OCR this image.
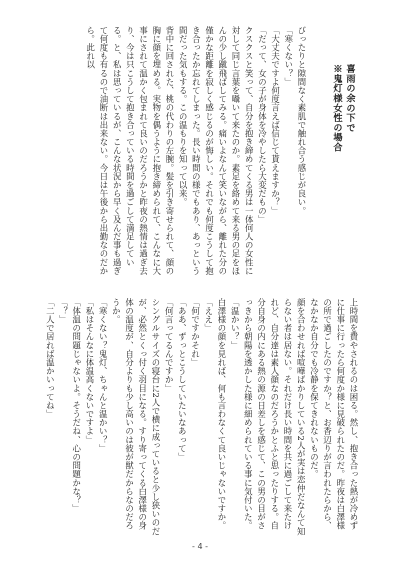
喜雨の余の下で

※鬼灯様女性の場合

びったりと隙間なく素肌で触れ合う感じが良い。
「寒くない？」
「大丈夫ですよ何度言えば信じて貰えますか？」
「だって、女の子が身体を冷やしたら大変だもの」
クスクスと笑って、自分を抱き締めてくる男は一体何人の女性に対して同じ言葉を囁いて来たのか。素足を絡めて来る男の足をほんの少し蹴飛ばしてみる。痛いよなんて笑いながら、離れた分の僅かな距離を寂しく感じるのが悔しい。それでも何度こうして抱き合ったか忘れてしまった。長い時間の様でもあり、あっという間だった気もする。この温もりを知って以来。
背中に回された、桃の代わりの左腕。髪を引き寄せられて、顔の胸に顔を埋める。実物を偶うように抱き締められて、こんなに大事にされて温かく包まれて良いのだろうかと昨夜の熱情は過ぎ去り、今は只こうして抱き合っている時間を過ごして満足している。と、私は思っているが、こんな状況から早く及んだ事も過ぎて何度も有るので油断は出来ない。今日は午後から出勤なのだから。此れ以

上時間を費やされるのは困る。然し、抱き合った熱が冷めずに仕事に行ったら何度か様に見破られたのだ。昨夜は白澤様の所で過ごしたのですか？と、お香辺りが言われたらから、なかなか自分でも冷静を保てきれないものだ。
顔を合わせれば喧嘩ばかりしている2人が実は恋仲だなんて知らない者は居ない。それだけ長い時間を共に過ごして来たけれど、自分達は素人顔なのだろうかとふと思ったりする。自分自身の内にある熱の源の日差しを感じて、この男の目がさっきから朝陽を透かした様に細められている事に気付いた。
「温かい？」
白澤様の顔を見れば、何も言わなくて良いじゃないですか。
「ええ」
「何ですかそれ」
「ああ、ずっとこうしていたいなあって」
「何言ってるんですか」
シングルサイズの寝台に2人で横に成っていると少し狭いのだが、必然とくっ付く羽目になる。すり寄ってくる白澤様の身体の温度が、自分よりも少し高いのは彼が獣だからなのだろうか。
「寒くない？鬼灯、ちゃんと温かい？」
「私はそんなに体温高くないですよ」
「体温の問題じゃないよ。そうだね、心の問題かな？」
「？」
「二人で居れば温かいってね」

- 4 -
